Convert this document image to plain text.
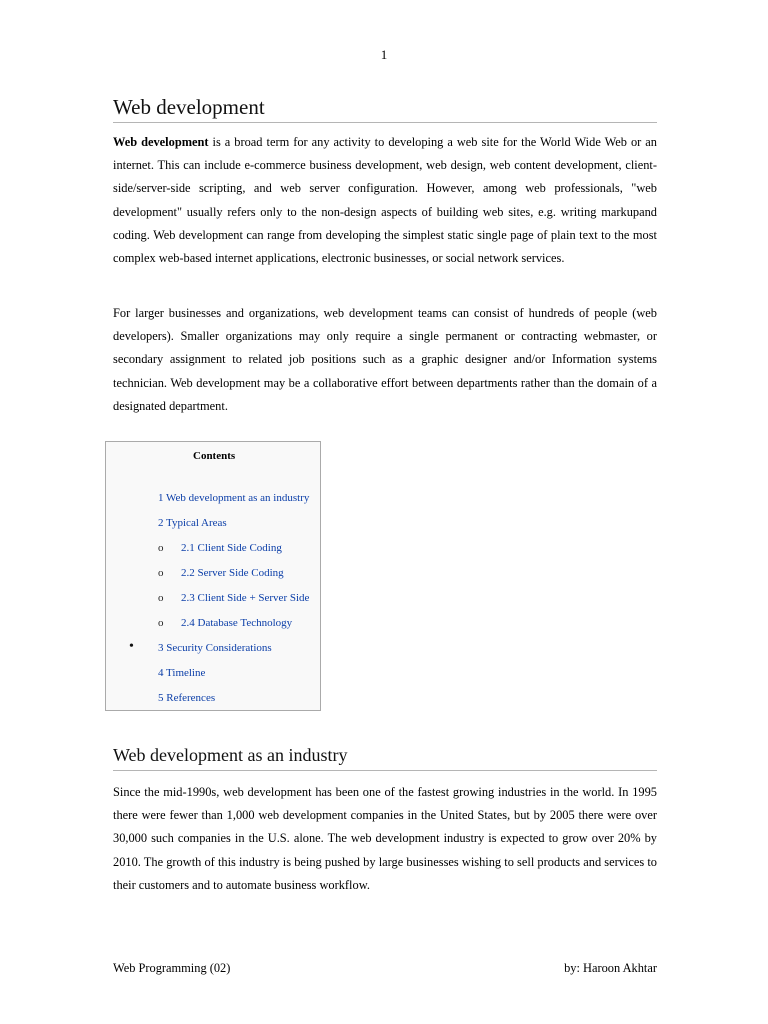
1
Web development

Web development is a broad term for any activity to developing a web site for the World Wide Web or an internet. This can include e-commerce business development, web design, web content development, client-side/server-side scripting, and web server configuration. However, among web professionals, "web development" usually refers only to the non-design aspects of building web sites, e.g. writing markupand coding. Web development can range from developing the simplest static single page of plain text to the most complex web-based internet applications, electronic businesses, or social network services.

For larger businesses and organizations, web development teams can consist of hundreds of people (web developers). Smaller organizations may only require a single permanent or contracting webmaster, or secondary assignment to related job positions such as a graphic designer and/or Information systems technician. Web development may be a collaborative effort between departments rather than the domain of a designated department.

Contents
1 Web development as an industry
2 Typical Areas
o 2.1 Client Side Coding
o 2.2 Server Side Coding
o 2.3 Client Side + Server Side
o 2.4 Database Technology
• 3 Security Considerations
4 Timeline
5 References
Web development as an industry

Since the mid-1990s, web development has been one of the fastest growing industries in the world. In 1995 there were fewer than 1,000 web development companies in the United States, but by 2005 there were over 30,000 such companies in the U.S. alone. The web development industry is expected to grow over 20% by 2010. The growth of this industry is being pushed by large businesses wishing to sell products and services to their customers and to automate business workflow.

Web Programming (02)	by: Haroon Akhtar
